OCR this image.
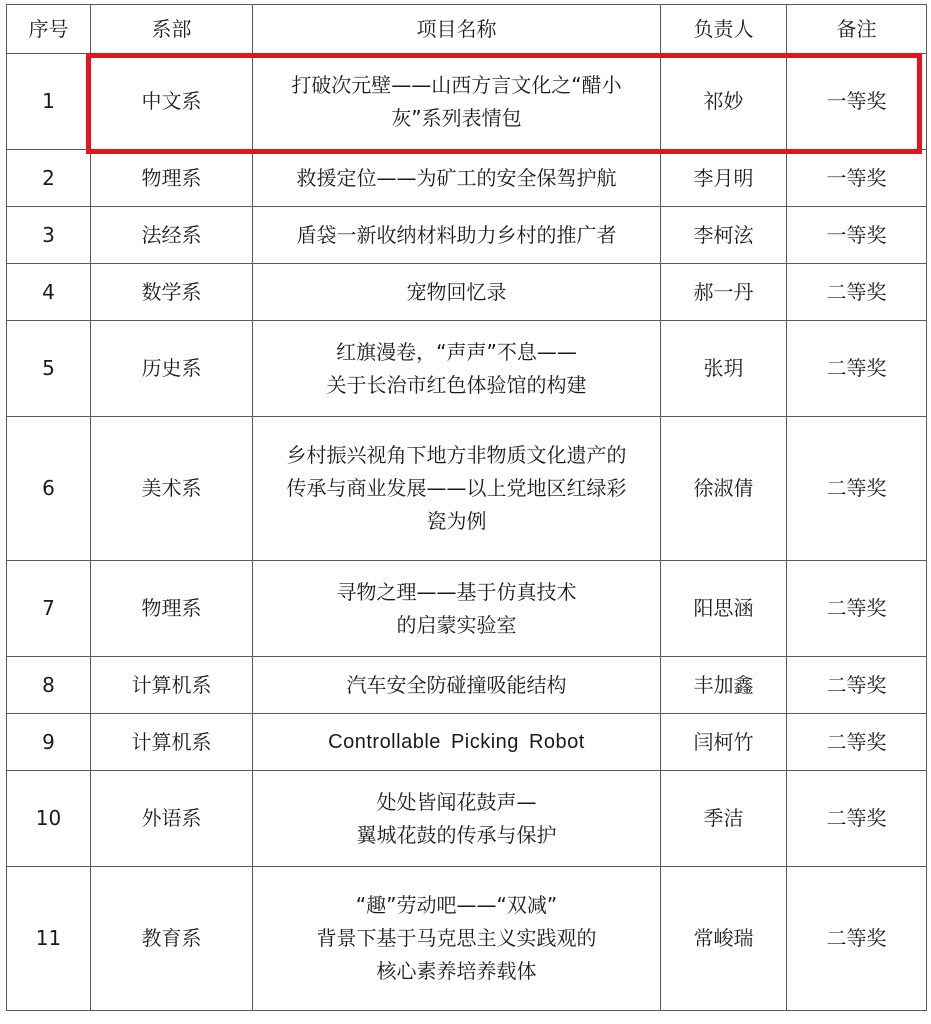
序号	系部	项目名称	负责人	备注
1	中文系	打破次元壁——山西方言文化之“醋小灰”系列表情包	祁妙	一等奖
2	物理系	救援定位——为矿工的安全保驾护航	李月明	一等奖
3	法经系	盾袋一新收纳材料助力乡村的推广者	李柯泫	一等奖
4	数学系	宠物回忆录	郝一丹	二等奖
5	历史系	红旗漫卷，“声声”不息——
关于长治市红色体验馆的构建	张玥	二等奖
6	美术系	乡村振兴视角下地方非物质文化遗产的
传承与商业发展——以上党地区红绿彩
瓷为例	徐淑倩	二等奖
7	物理系	寻物之理——基于仿真技术
的启蒙实验室	阳思涵	二等奖
8	计算机系	汽车安全防碰撞吸能结构	丰加鑫	二等奖
9	计算机系	Controllable Picking Robot	闫柯竹	二等奖
10	外语系	处处皆闻花鼓声—
翼城花鼓的传承与保护	季洁	二等奖
11	教育系	“趣”劳动吧——“双减”
背景下基于马克思主义实践观的
核心素养培养载体	常峻瑞	二等奖
